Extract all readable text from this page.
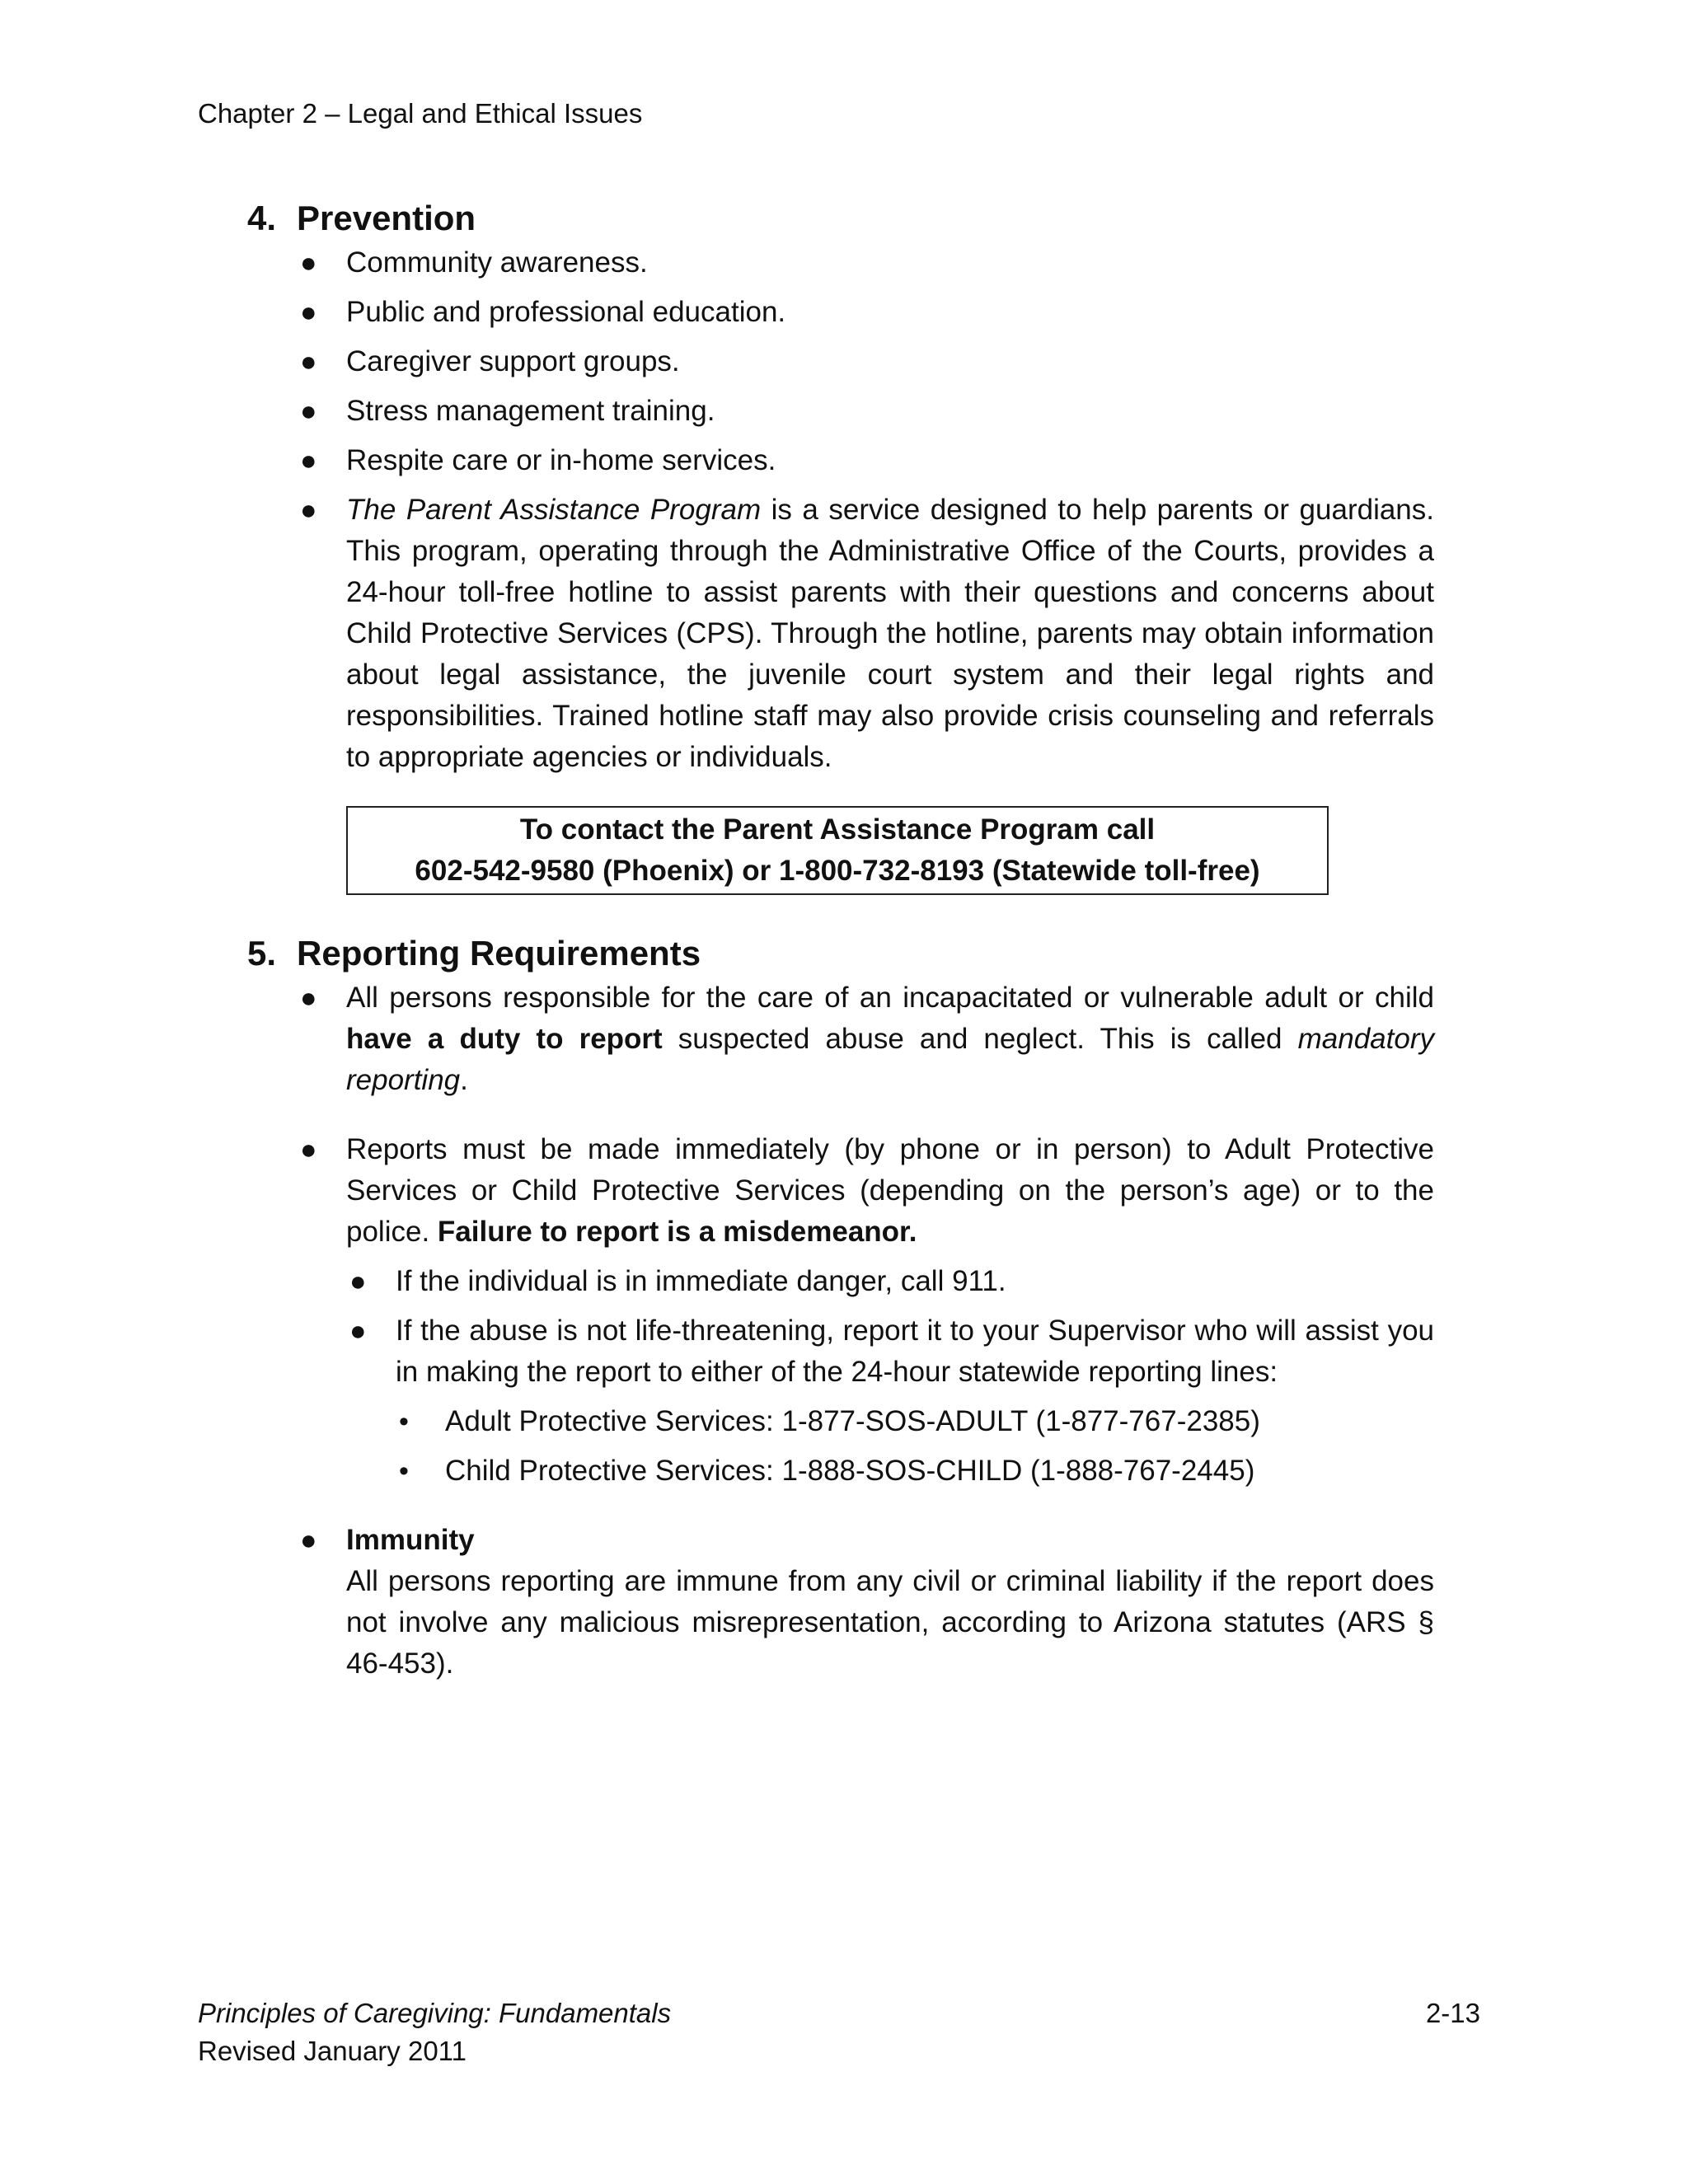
Chapter 2 – Legal and Ethical Issues
4. Prevention
● Community awareness.
● Public and professional education.
● Caregiver support groups.
● Stress management training.
● Respite care or in-home services.
● The Parent Assistance Program is a service designed to help parents or guardians. This program, operating through the Administrative Office of the Courts, provides a 24-hour toll-free hotline to assist parents with their questions and concerns about Child Protective Services (CPS). Through the hotline, parents may obtain information about legal assistance, the juvenile court system and their legal rights and responsibilities. Trained hotline staff may also provide crisis counseling and referrals to appropriate agencies or individuals.
To contact the Parent Assistance Program call
602-542-9580 (Phoenix) or 1-800-732-8193 (Statewide toll-free)
5. Reporting Requirements
● All persons responsible for the care of an incapacitated or vulnerable adult or child have a duty to report suspected abuse and neglect. This is called mandatory reporting.
● Reports must be made immediately (by phone or in person) to Adult Protective Services or Child Protective Services (depending on the person’s age) or to the police. Failure to report is a misdemeanor.
● If the individual is in immediate danger, call 911.
● If the abuse is not life-threatening, report it to your Supervisor who will assist you in making the report to either of the 24-hour statewide reporting lines:
• Adult Protective Services: 1-877-SOS-ADULT (1-877-767-2385)
• Child Protective Services: 1-888-SOS-CHILD (1-888-767-2445)
● Immunity
All persons reporting are immune from any civil or criminal liability if the report does not involve any malicious misrepresentation, according to Arizona statutes (ARS § 46-453).
Principles of Caregiving: Fundamentals
Revised January 2011
2-13
